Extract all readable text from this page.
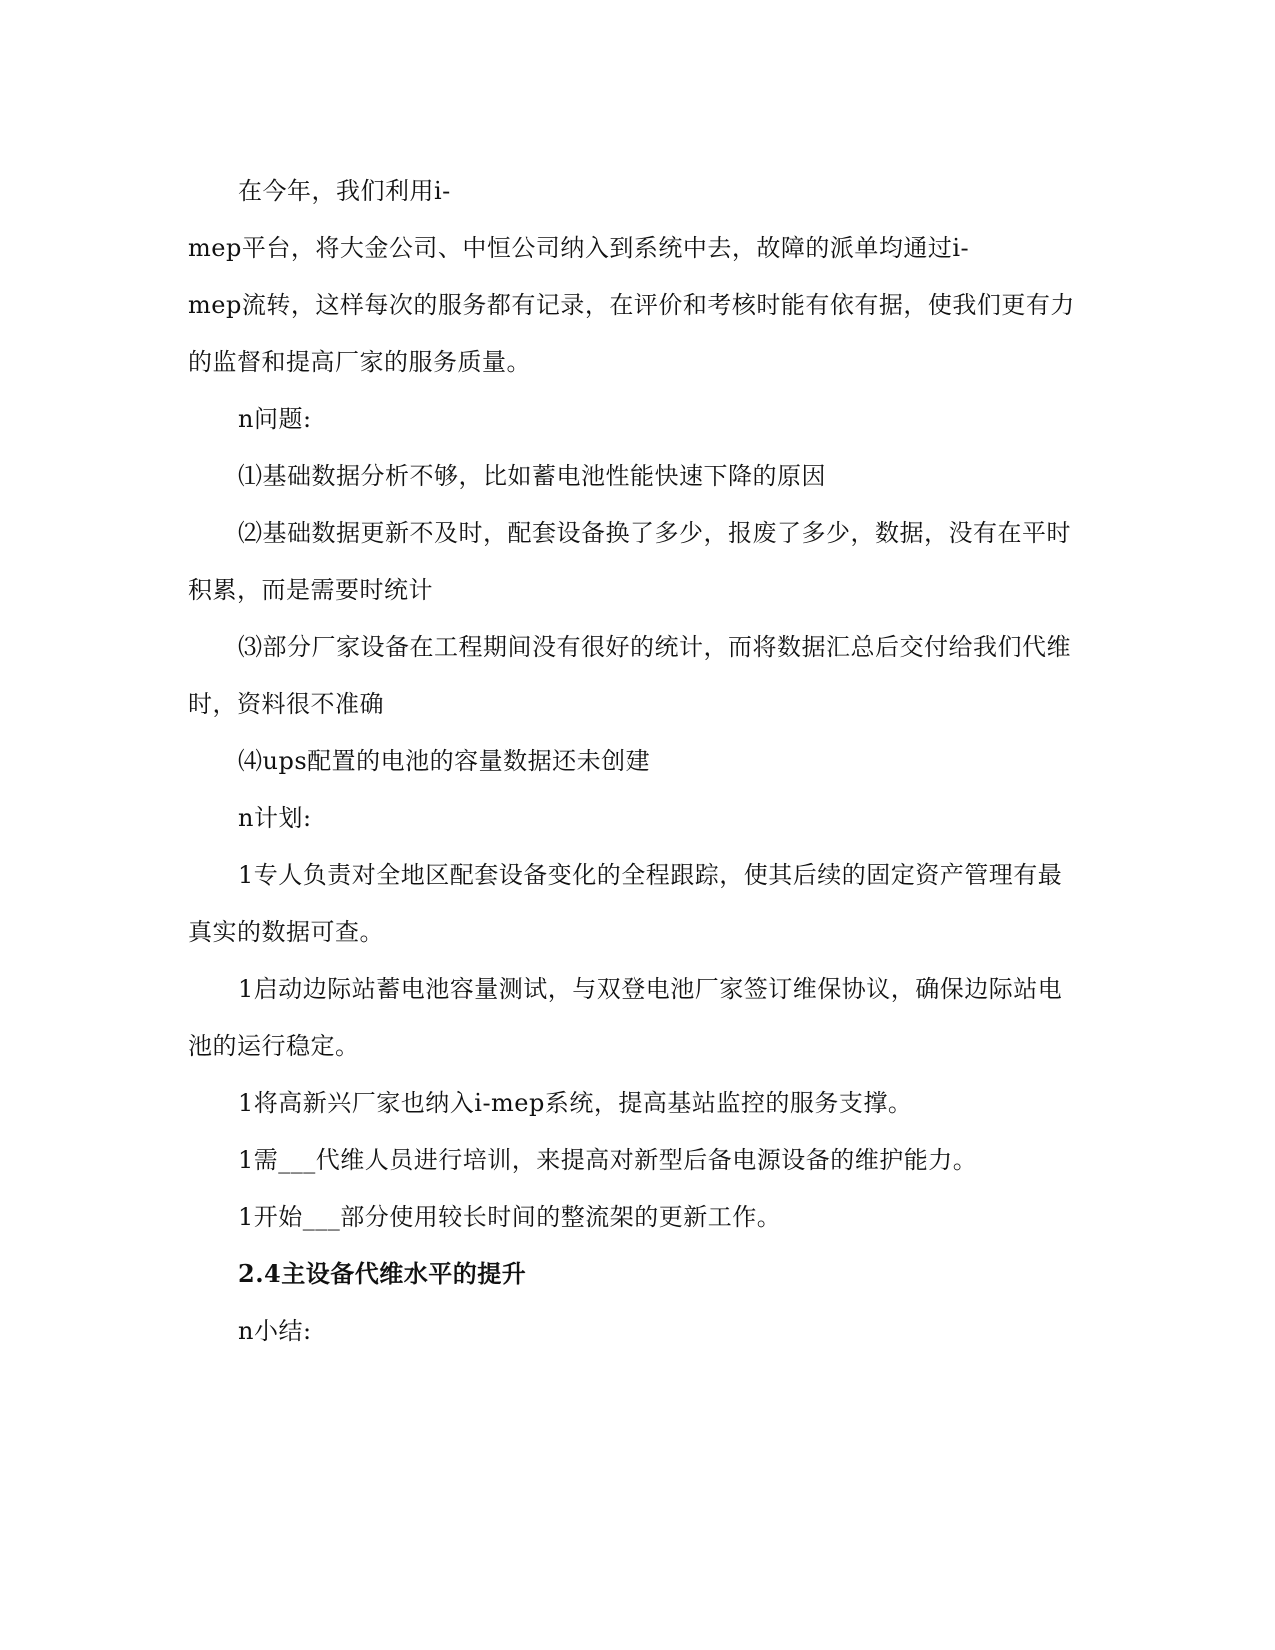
在今年，我们利用i-
mep平台，将大金公司、中恒公司纳入到系统中去，故障的派单均通过i-
mep流转，这样每次的服务都有记录，在评价和考核时能有依有据，使我们更有力
的监督和提高厂家的服务质量。
n问题:
⑴基础数据分析不够，比如蓄电池性能快速下降的原因
⑵基础数据更新不及时，配套设备换了多少，报废了多少，数据，没有在平时
积累，而是需要时统计
⑶部分厂家设备在工程期间没有很好的统计，而将数据汇总后交付给我们代维
时，资料很不准确
⑷ups配置的电池的容量数据还未创建
n计划:
1专人负责对全地区配套设备变化的全程跟踪，使其后续的固定资产管理有最
真实的数据可查。
1启动边际站蓄电池容量测试，与双登电池厂家签订维保协议，确保边际站电
池的运行稳定。
1将高新兴厂家也纳入i-mep系统，提高基站监控的服务支撑。
1需___代维人员进行培训，来提高对新型后备电源设备的维护能力。
1开始___部分使用较长时间的整流架的更新工作。
2.4主设备代维水平的提升
n小结:
